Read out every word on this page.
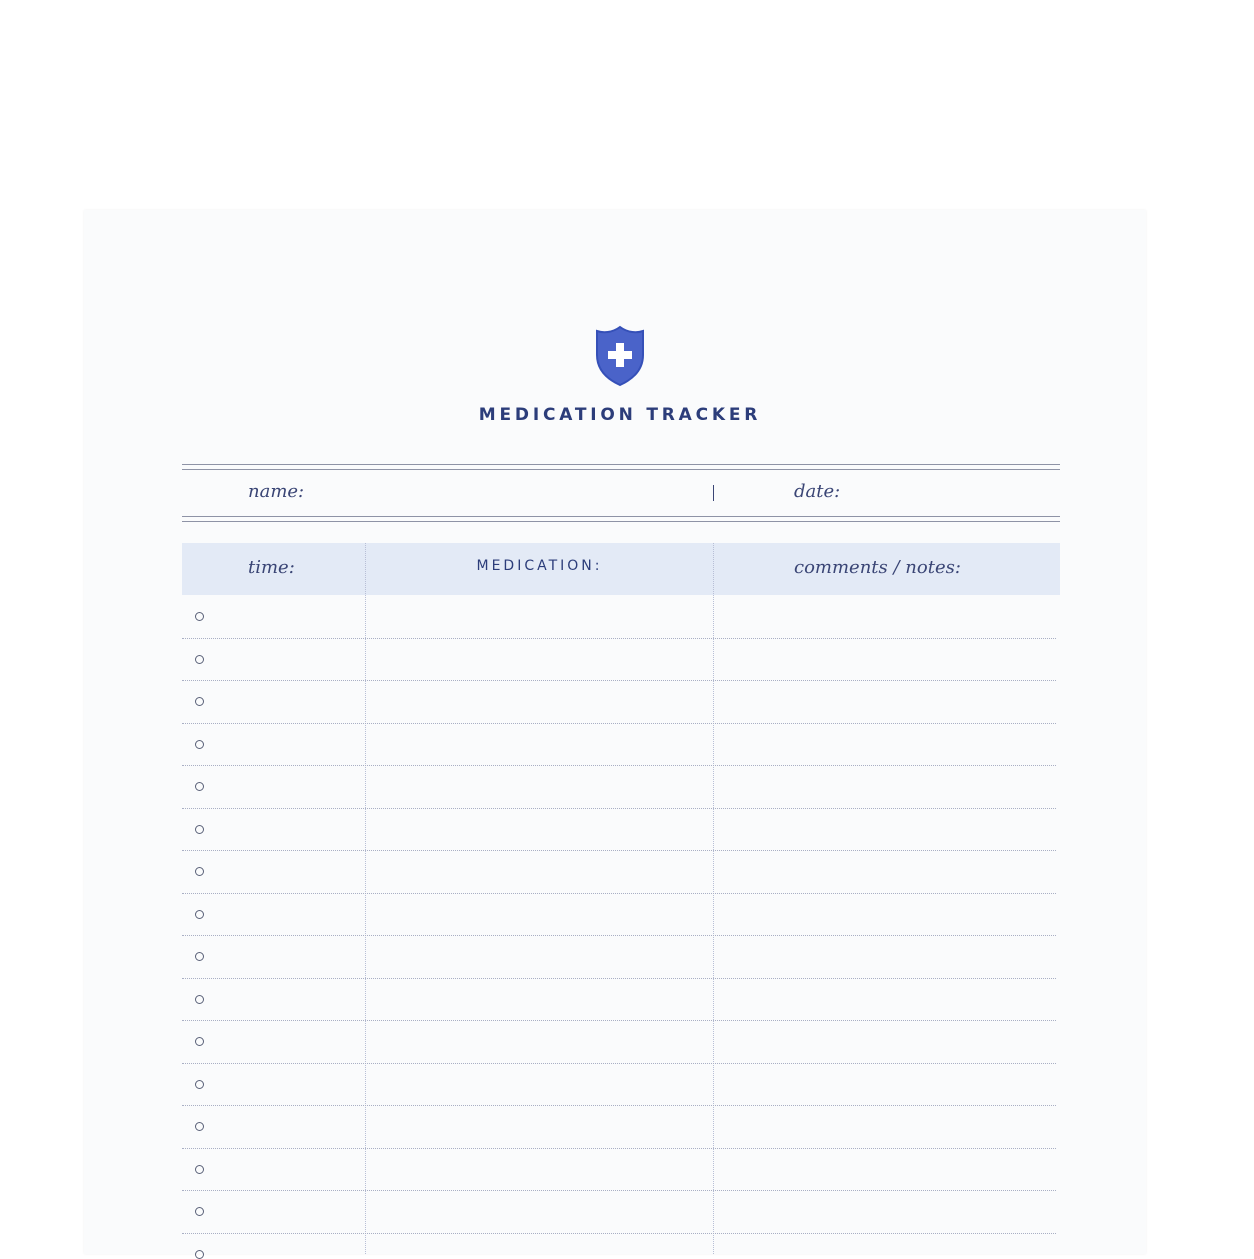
MEDICATION TRACKER
name:	date:
time:	MEDICATION:	comments / notes:
